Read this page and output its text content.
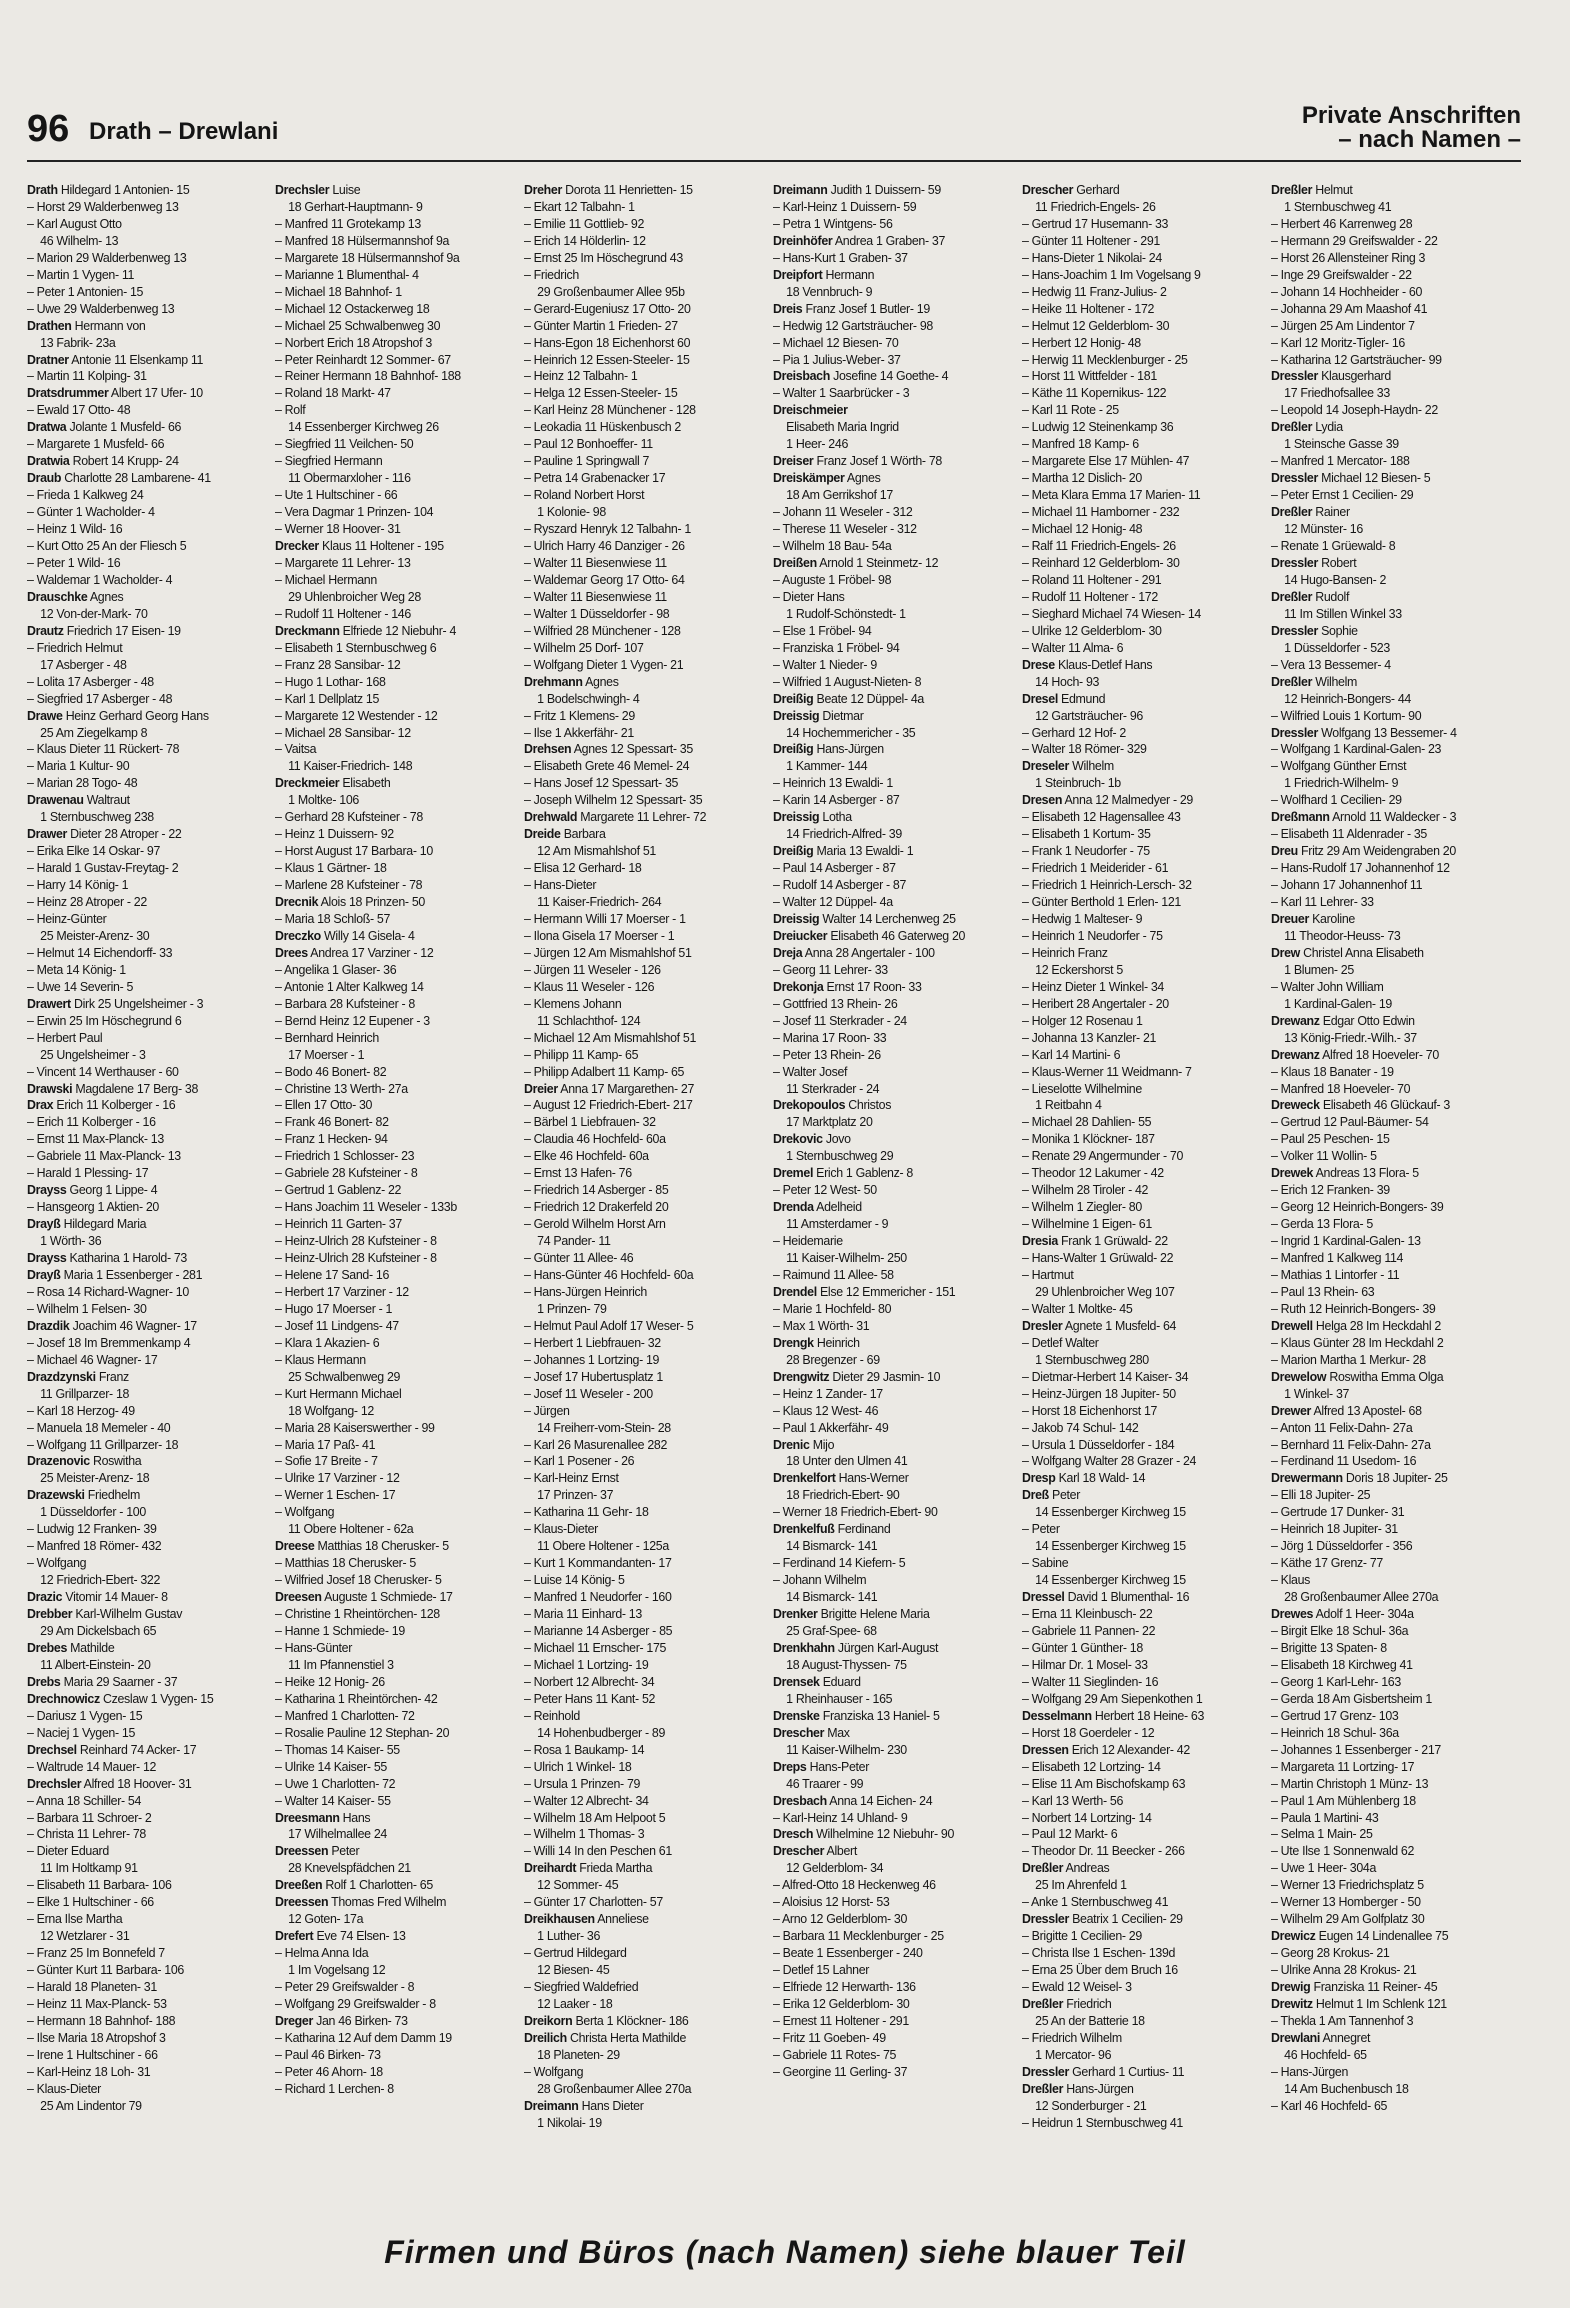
96 Drath – Drewlani
Private Anschriften
– nach Namen –
Drath Hildegard 1 Antonien- 15
– Horst 29 Walderbenweg 13
– Karl August Otto
46 Wilhelm- 13
– Marion 29 Walderbenweg 13
– Martin 1 Vygen- 11
– Peter 1 Antonien- 15
– Uwe 29 Walderbenweg 13
Drathen Hermann von
13 Fabrik- 23a
Dratner Antonie 11 Elsenkamp 11
– Martin 11 Kolping- 31
Dratsdrummer Albert 17 Ufer- 10
– Ewald 17 Otto- 48
Dratwa Jolante 1 Musfeld- 66
– Margarete 1 Musfeld- 66
Dratwia Robert 14 Krupp- 24
Draub Charlotte 28 Lambarene- 41
– Frieda 1 Kalkweg 24
– Günter 1 Wacholder- 4
– Heinz 1 Wild- 16
– Kurt Otto 25 An der Fliesch 5
– Peter 1 Wild- 16
– Waldemar 1 Wacholder- 4
Drauschke Agnes
12 Von-der-Mark- 70
Drautz Friedrich 17 Eisen- 19
– Friedrich Helmut
17 Asberger - 48
– Lolita 17 Asberger - 48
– Siegfried 17 Asberger - 48
Drawe Heinz Gerhard Georg Hans
25 Am Ziegelkamp 8
– Klaus Dieter 11 Rückert- 78
– Maria 1 Kultur- 90
– Marian 28 Togo- 48
Drawenau Waltraut
1 Sternbuschweg 238
Drawer Dieter 28 Atroper - 22
– Erika Elke 14 Oskar- 97
– Harald 1 Gustav-Freytag- 2
– Harry 14 König- 1
– Heinz 28 Atroper - 22
– Heinz-Günter
25 Meister-Arenz- 30
– Helmut 14 Eichendorff- 33
– Meta 14 König- 1
– Uwe 14 Severin- 5
Drawert Dirk 25 Ungelsheimer - 3
– Erwin 25 Im Höschegrund 6
– Herbert Paul
25 Ungelsheimer - 3
– Vincent 14 Werthauser - 60
Drawski Magdalene 17 Berg- 38
Drax Erich 11 Kolberger - 16
– Erich 11 Kolberger - 16
– Ernst 11 Max-Planck- 13
– Gabriele 11 Max-Planck- 13
– Harald 1 Plessing- 17
Drayss Georg 1 Lippe- 4
– Hansgeorg 1 Aktien- 20
Drayß Hildegard Maria
1 Wörth- 36
Drayss Katharina 1 Harold- 73
Drayß Maria 1 Essenberger - 281
– Rosa 14 Richard-Wagner- 10
– Wilhelm 1 Felsen- 30
Drazdik Joachim 46 Wagner- 17
– Josef 18 Im Bremmenkamp 4
– Michael 46 Wagner- 17
Drazdzynski Franz
11 Grillparzer- 18
– Karl 18 Herzog- 49
– Manuela 18 Memeler - 40
– Wolfgang 11 Grillparzer- 18
Drazenovic Roswitha
25 Meister-Arenz- 18
Drazewski Friedhelm
1 Düsseldorfer - 100
– Ludwig 12 Franken- 39
– Manfred 18 Römer- 432
– Wolfgang
12 Friedrich-Ebert- 322
Drazic Vitomir 14 Mauer- 8
Drebber Karl-Wilhelm Gustav
29 Am Dickelsbach 65
Drebes Mathilde
11 Albert-Einstein- 20
Drebs Maria 29 Saarner - 37
Drechnowicz Czeslaw 1 Vygen- 15
– Dariusz 1 Vygen- 15
– Naciej 1 Vygen- 15
Drechsel Reinhard 74 Acker- 17
– Waltrude 14 Mauer- 12
Drechsler Alfred 18 Hoover- 31
– Anna 18 Schiller- 54
– Barbara 11 Schroer- 2
– Christa 11 Lehrer- 78
– Dieter Eduard
11 Im Holtkamp 91
– Elisabeth 11 Barbara- 106
– Elke 1 Hultschiner - 66
– Erna Ilse Martha
12 Wetzlarer - 31
– Franz 25 Im Bonnefeld 7
– Günter Kurt 11 Barbara- 106
– Harald 18 Planeten- 31
– Heinz 11 Max-Planck- 53
– Hermann 18 Bahnhof- 188
– Ilse Maria 18 Atropshof 3
– Irene 1 Hultschiner - 66
– Karl-Heinz 18 Loh- 31
– Klaus-Dieter
25 Am Lindentor 79
Drechsler Luise
18 Gerhart-Hauptmann- 9
– Manfred 11 Grotekamp 13
– Manfred 18 Hülsermannshof 9a
– Margarete 18 Hülsermannshof 9a
– Marianne 1 Blumenthal- 4
– Michael 18 Bahnhof- 1
– Michael 12 Ostackerweg 18
– Michael 25 Schwalbenweg 30
– Norbert Erich 18 Atropshof 3
– Peter Reinhardt 12 Sommer- 67
– Reiner Hermann 18 Bahnhof- 188
– Roland 18 Markt- 47
– Rolf
14 Essenberger Kirchweg 26
– Siegfried 11 Veilchen- 50
– Siegfried Hermann
11 Obermarxloher - 116
– Ute 1 Hultschiner - 66
– Vera Dagmar 1 Prinzen- 104
– Werner 18 Hoover- 31
Drecker Klaus 11 Holtener - 195
– Margarete 11 Lehrer- 13
– Michael Hermann
29 Uhlenbroicher Weg 28
– Rudolf 11 Holtener - 146
Dreckmann Elfriede 12 Niebuhr- 4
– Elisabeth 1 Sternbuschweg 6
– Franz 28 Sansibar- 12
– Hugo 1 Lothar- 168
– Karl 1 Dellplatz 15
– Margarete 12 Westender - 12
– Michael 28 Sansibar- 12
– Vaitsa
11 Kaiser-Friedrich- 148
Dreckmeier Elisabeth
1 Moltke- 106
– Gerhard 28 Kufsteiner - 78
– Heinz 1 Duissern- 92
– Horst August 17 Barbara- 10
– Klaus 1 Gärtner- 18
– Marlene 28 Kufsteiner - 78
Drecnik Alois 18 Prinzen- 50
– Maria 18 Schloß- 57
Dreczko Willy 14 Gisela- 4
Drees Andrea 17 Varziner - 12
– Angelika 1 Glaser- 36
– Antonie 1 Alter Kalkweg 14
– Barbara 28 Kufsteiner - 8
– Bernd Heinz 12 Eupener - 3
– Bernhard Heinrich
17 Moerser - 1
– Bodo 46 Bonert- 82
– Christine 13 Werth- 27a
– Ellen 17 Otto- 30
– Frank 46 Bonert- 82
– Franz 1 Hecken- 94
– Friedrich 1 Schlosser- 23
– Gabriele 28 Kufsteiner - 8
– Gertrud 1 Gablenz- 22
– Hans Joachim 11 Weseler - 133b
– Heinrich 11 Garten- 37
– Heinz-Ulrich 28 Kufsteiner - 8
– Heinz-Ulrich 28 Kufsteiner - 8
– Helene 17 Sand- 16
– Herbert 17 Varziner - 12
– Hugo 17 Moerser - 1
– Josef 11 Lindgens- 47
– Klara 1 Akazien- 6
– Klaus Hermann
25 Schwalbenweg 29
– Kurt Hermann Michael
18 Wolfgang- 12
– Maria 28 Kaiserswerther - 99
– Maria 17 Paß- 41
– Sofie 17 Breite - 7
– Ulrike 17 Varziner - 12
– Werner 1 Eschen- 17
– Wolfgang
11 Obere Holtener - 62a
Dreese Matthias 18 Cherusker- 5
– Matthias 18 Cherusker- 5
– Wilfried Josef 18 Cherusker- 5
Dreesen Auguste 1 Schmiede- 17
– Christine 1 Rheintörchen- 128
– Hanne 1 Schmiede- 19
– Hans-Günter
11 Im Pfannenstiel 3
– Heike 12 Honig- 26
– Katharina 1 Rheintörchen- 42
– Manfred 1 Charlotten- 72
– Rosalie Pauline 12 Stephan- 20
– Thomas 14 Kaiser- 55
– Ulrike 14 Kaiser- 55
– Uwe 1 Charlotten- 72
– Walter 14 Kaiser- 55
Dreesmann Hans
17 Wilhelmallee 24
Dreessen Peter
28 Knevelspfädchen 21
Dreeßen Rolf 1 Charlotten- 65
Dreessen Thomas Fred Wilhelm
12 Goten- 17a
Drefert Eve 74 Elsen- 13
– Helma Anna Ida
1 Im Vogelsang 12
– Peter 29 Greifswalder - 8
– Wolfgang 29 Greifswalder - 8
Dreger Jan 46 Birken- 73
– Katharina 12 Auf dem Damm 19
– Paul 46 Birken- 73
– Peter 46 Ahorn- 18
– Richard 1 Lerchen- 8
Dreher Dorota 11 Henrietten- 15
– Ekart 12 Talbahn- 1
– Emilie 11 Gottlieb- 92
– Erich 14 Hölderlin- 12
– Ernst 25 Im Höschegrund 43
– Friedrich
29 Großenbaumer Allee 95b
– Gerard-Eugeniusz 17 Otto- 20
– Günter Martin 1 Frieden- 27
– Hans-Egon 18 Eichenhorst 60
– Heinrich 12 Essen-Steeler- 15
– Heinz 12 Talbahn- 1
– Helga 12 Essen-Steeler- 15
– Karl Heinz 28 Münchener - 128
– Leokadia 11 Hüskenbusch 2
– Paul 12 Bonhoeffer- 11
– Pauline 1 Springwall 7
– Petra 14 Grabenacker 17
– Roland Norbert Horst
1 Kolonie- 98
– Ryszard Henryk 12 Talbahn- 1
– Ulrich Harry 46 Danziger - 26
– Walter 11 Biesenwiese 11
– Waldemar Georg 17 Otto- 64
– Walter 11 Biesenwiese 11
– Walter 1 Düsseldorfer - 98
– Wilfried 28 Münchener - 128
– Wilhelm 25 Dorf- 107
– Wolfgang Dieter 1 Vygen- 21
Drehmann Agnes
1 Bodelschwingh- 4
– Fritz 1 Klemens- 29
– Ilse 1 Akkerfähr- 21
Drehsen Agnes 12 Spessart- 35
– Elisabeth Grete 46 Memel- 24
– Hans Josef 12 Spessart- 35
– Joseph Wilhelm 12 Spessart- 35
Drehwald Margarete 11 Lehrer- 72
Dreide Barbara
12 Am Mismahlshof 51
– Elisa 12 Gerhard- 18
– Hans-Dieter
11 Kaiser-Friedrich- 264
– Hermann Willi 17 Moerser - 1
– Ilona Gisela 17 Moerser - 1
– Jürgen 12 Am Mismahlshof 51
– Jürgen 11 Weseler - 126
– Klaus 11 Weseler - 126
– Klemens Johann
11 Schlachthof- 124
– Michael 12 Am Mismahlshof 51
– Philipp 11 Kamp- 65
– Philipp Adalbert 11 Kamp- 65
Dreier Anna 17 Margarethen- 27
– August 12 Friedrich-Ebert- 217
– Bärbel 1 Liebfrauen- 32
– Claudia 46 Hochfeld- 60a
– Elke 46 Hochfeld- 60a
– Ernst 13 Hafen- 76
– Friedrich 14 Asberger - 85
– Friedrich 12 Drakerfeld 20
– Gerold Wilhelm Horst Arn
74 Pander- 11
– Günter 11 Allee- 46
– Hans-Günter 46 Hochfeld- 60a
– Hans-Jürgen Heinrich
1 Prinzen- 79
– Helmut Paul Adolf 17 Weser- 5
– Herbert 1 Liebfrauen- 32
– Johannes 1 Lortzing- 19
– Josef 17 Hubertusplatz 1
– Josef 11 Weseler - 200
– Jürgen
14 Freiherr-vom-Stein- 28
– Karl 26 Masurenallee 282
– Karl 1 Posener - 26
– Karl-Heinz Ernst
17 Prinzen- 37
– Katharina 11 Gehr- 18
– Klaus-Dieter
11 Obere Holtener - 125a
– Kurt 1 Kommandanten- 17
– Luise 14 König- 5
– Manfred 1 Neudorfer - 160
– Maria 11 Einhard- 13
– Marianne 14 Asberger - 85
– Michael 11 Ernscher- 175
– Michael 1 Lortzing- 19
– Norbert 12 Albrecht- 34
– Peter Hans 11 Kant- 52
– Reinhold
14 Hohenbudberger - 89
– Rosa 1 Baukamp- 14
– Ulrich 1 Winkel- 18
– Ursula 1 Prinzen- 79
– Walter 12 Albrecht- 34
– Wilhelm 18 Am Helpoot 5
– Wilhelm 1 Thomas- 3
– Willi 14 In den Peschen 61
Dreihardt Frieda Martha
12 Sommer- 45
– Günter 17 Charlotten- 57
Dreikhausen Anneliese
1 Luther- 36
– Gertrud Hildegard
12 Biesen- 45
– Siegfried Waldefried
12 Laaker - 18
Dreikorn Berta 1 Klöckner- 186
Dreilich Christa Herta Mathilde
18 Planeten- 29
– Wolfgang
28 Großenbaumer Allee 270a
Dreimann Hans Dieter
1 Nikolai- 19
Dreimann Judith 1 Duissern- 59
– Karl-Heinz 1 Duissern- 59
– Petra 1 Wintgens- 56
Dreinhöfer Andrea 1 Graben- 37
– Hans-Kurt 1 Graben- 37
Dreipfort Hermann
18 Vennbruch- 9
Dreis Franz Josef 1 Butler- 19
– Hedwig 12 Gartsträucher- 98
– Michael 12 Biesen- 70
– Pia 1 Julius-Weber- 37
Dreisbach Josefine 14 Goethe- 4
– Walter 1 Saarbrücker - 3
Dreischmeier
Elisabeth Maria Ingrid
1 Heer- 246
Dreiser Franz Josef 1 Wörth- 78
Dreiskämper Agnes
18 Am Gerrikshof 17
– Johann 11 Weseler - 312
– Therese 11 Weseler - 312
– Wilhelm 18 Bau- 54a
Dreißen Arnold 1 Steinmetz- 12
– Auguste 1 Fröbel- 98
– Dieter Hans
1 Rudolf-Schönstedt- 1
– Else 1 Fröbel- 94
– Franziska 1 Fröbel- 94
– Walter 1 Nieder- 9
– Wilfried 1 August-Nieten- 8
Dreißig Beate 12 Düppel- 4a
Dreissig Dietmar
14 Hochemmericher - 35
Dreißig Hans-Jürgen
1 Kammer- 144
– Heinrich 13 Ewaldi- 1
– Karin 14 Asberger - 87
Dreissig Lotha
14 Friedrich-Alfred- 39
Dreißig Maria 13 Ewaldi- 1
– Paul 14 Asberger - 87
– Rudolf 14 Asberger - 87
– Walter 12 Düppel- 4a
Dreissig Walter 14 Lerchenweg 25
Dreiucker Elisabeth 46 Gaterweg 20
Dreja Anna 28 Angertaler - 100
– Georg 11 Lehrer- 33
Drekonja Ernst 17 Roon- 33
– Gottfried 13 Rhein- 26
– Josef 11 Sterkrader - 24
– Marina 17 Roon- 33
– Peter 13 Rhein- 26
– Walter Josef
11 Sterkrader - 24
Drekopoulos Christos
17 Marktplatz 20
Drekovic Jovo
1 Sternbuschweg 29
Dremel Erich 1 Gablenz- 8
– Peter 12 West- 50
Drenda Adelheid
11 Amsterdamer - 9
– Heidemarie
11 Kaiser-Wilhelm- 250
– Raimund 11 Allee- 58
Drendel Else 12 Emmericher - 151
– Marie 1 Hochfeld- 80
– Max 1 Wörth- 31
Drengk Heinrich
28 Bregenzer - 69
Drengwitz Dieter 29 Jasmin- 10
– Heinz 1 Zander- 17
– Klaus 12 West- 46
– Paul 1 Akkerfähr- 49
Drenic Mijo
18 Unter den Ulmen 41
Drenkelfort Hans-Werner
18 Friedrich-Ebert- 90
– Werner 18 Friedrich-Ebert- 90
Drenkelfuß Ferdinand
14 Bismarck- 141
– Ferdinand 14 Kiefern- 5
– Johann Wilhelm
14 Bismarck- 141
Drenker Brigitte Helene Maria
25 Graf-Spee- 68
Drenkhahn Jürgen Karl-August
18 August-Thyssen- 75
Drensek Eduard
1 Rheinhauser - 165
Drenske Franziska 13 Haniel- 5
Drescher Max
11 Kaiser-Wilhelm- 230
Dreps Hans-Peter
46 Traarer - 99
Dresbach Anna 14 Eichen- 24
– Karl-Heinz 14 Uhland- 9
Dresch Wilhelmine 12 Niebuhr- 90
Drescher Albert
12 Gelderblom- 34
– Alfred-Otto 18 Heckenweg 46
– Aloisius 12 Horst- 53
– Arno 12 Gelderblom- 30
– Barbara 11 Mecklenburger - 25
– Beate 1 Essenberger - 240
– Detlef 15 Lahner
– Elfriede 12 Herwarth- 136
– Erika 12 Gelderblom- 30
– Ernest 11 Holtener - 291
– Fritz 11 Goeben- 49
– Gabriele 11 Rotes- 75
– Georgine 11 Gerling- 37
Drescher Gerhard
11 Friedrich-Engels- 26
– Gertrud 17 Husemann- 33
– Günter 11 Holtener - 291
– Hans-Dieter 1 Nikolai- 24
– Hans-Joachim 1 Im Vogelsang 9
– Hedwig 11 Franz-Julius- 2
– Heike 11 Holtener - 172
– Helmut 12 Gelderblom- 30
– Herbert 12 Honig- 48
– Herwig 11 Mecklenburger - 25
– Horst 11 Wittfelder - 181
– Käthe 11 Kopernikus- 122
– Karl 11 Rote - 25
– Ludwig 12 Steinenkamp 36
– Manfred 18 Kamp- 6
– Margarete Else 17 Mühlen- 47
– Martha 12 Dislich- 20
– Meta Klara Emma 17 Marien- 11
– Michael 11 Hamborner - 232
– Michael 12 Honig- 48
– Ralf 11 Friedrich-Engels- 26
– Reinhard 12 Gelderblom- 30
– Roland 11 Holtener - 291
– Rudolf 11 Holtener - 172
– Sieghard Michael 74 Wiesen- 14
– Ulrike 12 Gelderblom- 30
– Walter 11 Alma- 6
Drese Klaus-Detlef Hans
14 Hoch- 93
Dresel Edmund
12 Gartsträucher- 96
– Gerhard 12 Hof- 2
– Walter 18 Römer- 329
Dreseler Wilhelm
1 Steinbruch- 1b
Dresen Anna 12 Malmedyer - 29
– Elisabeth 12 Hagensallee 43
– Elisabeth 1 Kortum- 35
– Frank 1 Neudorfer - 75
– Friedrich 1 Meiderider - 61
– Friedrich 1 Heinrich-Lersch- 32
– Günter Berthold 1 Erlen- 121
– Hedwig 1 Malteser- 9
– Heinrich 1 Neudorfer - 75
– Heinrich Franz
12 Eckershorst 5
– Heinz Dieter 1 Winkel- 34
– Heribert 28 Angertaler - 20
– Holger 12 Rosenau 1
– Johanna 13 Kanzler- 21
– Karl 14 Martini- 6
– Klaus-Werner 11 Weidmann- 7
– Lieselotte Wilhelmine
1 Reitbahn 4
– Michael 28 Dahlien- 55
– Monika 1 Klöckner- 187
– Renate 29 Angermunder - 70
– Theodor 12 Lakumer - 42
– Wilhelm 28 Tiroler - 42
– Wilhelm 1 Ziegler- 80
– Wilhelmine 1 Eigen- 61
Dresia Frank 1 Grüwald- 22
– Hans-Walter 1 Grüwald- 22
– Hartmut
29 Uhlenbroicher Weg 107
– Walter 1 Moltke- 45
Dresler Agnete 1 Musfeld- 64
– Detlef Walter
1 Sternbuschweg 280
– Dietmar-Herbert 14 Kaiser- 34
– Heinz-Jürgen 18 Jupiter- 50
– Horst 18 Eichenhorst 17
– Jakob 74 Schul- 142
– Ursula 1 Düsseldorfer - 184
– Wolfgang Walter 28 Grazer - 24
Dresp Karl 18 Wald- 14
Dreß Peter
14 Essenberger Kirchweg 15
– Peter
14 Essenberger Kirchweg 15
– Sabine
14 Essenberger Kirchweg 15
Dressel David 1 Blumenthal- 16
– Erna 11 Kleinbusch- 22
– Gabriele 11 Pannen- 22
– Günter 1 Günther- 18
– Hilmar Dr. 1 Mosel- 33
– Walter 11 Sieglinden- 16
– Wolfgang 29 Am Siepenkothen 1
Desselmann Herbert 18 Heine- 63
– Horst 18 Goerdeler - 12
Dressen Erich 12 Alexander- 42
– Elisabeth 12 Lortzing- 14
– Elise 11 Am Bischofskamp 63
– Karl 13 Werth- 56
– Norbert 14 Lortzing- 14
– Paul 12 Markt- 6
– Theodor Dr. 11 Beecker - 266
Dreßler Andreas
25 Im Ahrenfeld 1
– Anke 1 Sternbuschweg 41
Dressler Beatrix 1 Cecilien- 29
– Brigitte 1 Cecilien- 29
– Christa Ilse 1 Eschen- 139d
– Erna 25 Über dem Bruch 16
– Ewald 12 Weisel- 3
Dreßler Friedrich
25 An der Batterie 18
– Friedrich Wilhelm
1 Mercator- 96
Dressler Gerhard 1 Curtius- 11
Dreßler Hans-Jürgen
12 Sonderburger - 21
– Heidrun 1 Sternbuschweg 41
Dreßler Helmut
1 Sternbuschweg 41
– Herbert 46 Karrenweg 28
– Hermann 29 Greifswalder - 22
– Horst 26 Allensteiner Ring 3
– Inge 29 Greifswalder - 22
– Johann 14 Hochheider - 60
– Johanna 29 Am Maashof 41
– Jürgen 25 Am Lindentor 7
– Karl 12 Moritz-Tigler- 16
– Katharina 12 Gartsträucher- 99
Dressler Klausgerhard
17 Friedhofsallee 33
– Leopold 14 Joseph-Haydn- 22
Dreßler Lydia
1 Steinsche Gasse 39
– Manfred 1 Mercator- 188
Dressler Michael 12 Biesen- 5
– Peter Ernst 1 Cecilien- 29
Dreßler Rainer
12 Münster- 16
– Renate 1 Grüewald- 8
Dressler Robert
14 Hugo-Bansen- 2
Dreßler Rudolf
11 Im Stillen Winkel 33
Dressler Sophie
1 Düsseldorfer - 523
– Vera 13 Bessemer- 4
Dreßler Wilhelm
12 Heinrich-Bongers- 44
– Wilfried Louis 1 Kortum- 90
Dressler Wolfgang 13 Bessemer- 4
– Wolfgang 1 Kardinal-Galen- 23
– Wolfgang Günther Ernst
1 Friedrich-Wilhelm- 9
– Wolfhard 1 Cecilien- 29
Dreßmann Arnold 11 Waldecker - 3
– Elisabeth 11 Aldenrader - 35
Dreu Fritz 29 Am Weidengraben 20
– Hans-Rudolf 17 Johannenhof 12
– Johann 17 Johannenhof 11
– Karl 11 Lehrer- 33
Dreuer Karoline
11 Theodor-Heuss- 73
Drew Christel Anna Elisabeth
1 Blumen- 25
– Walter John William
1 Kardinal-Galen- 19
Drewanz Edgar Otto Edwin
13 König-Friedr.-Wilh.- 37
Drewanz Alfred 18 Hoeveler- 70
– Klaus 18 Banater - 19
– Manfred 18 Hoeveler- 70
Dreweck Elisabeth 46 Glückauf- 3
– Gertrud 12 Paul-Bäumer- 54
– Paul 25 Peschen- 15
– Volker 11 Wollin- 5
Drewek Andreas 13 Flora- 5
– Erich 12 Franken- 39
– Georg 12 Heinrich-Bongers- 39
– Gerda 13 Flora- 5
– Ingrid 1 Kardinal-Galen- 13
– Manfred 1 Kalkweg 114
– Mathias 1 Lintorfer - 11
– Paul 13 Rhein- 63
– Ruth 12 Heinrich-Bongers- 39
Drewell Helga 28 Im Heckdahl 2
– Klaus Günter 28 Im Heckdahl 2
– Marion Martha 1 Merkur- 28
Drewelow Roswitha Emma Olga
1 Winkel- 37
Drewer Alfred 13 Apostel- 68
– Anton 11 Felix-Dahn- 27a
– Bernhard 11 Felix-Dahn- 27a
– Ferdinand 11 Usedom- 16
Drewermann Doris 18 Jupiter- 25
– Elli 18 Jupiter- 25
– Gertrude 17 Dunker- 31
– Heinrich 18 Jupiter- 31
– Jörg 1 Düsseldorfer - 356
– Käthe 17 Grenz- 77
– Klaus
28 Großenbaumer Allee 270a
Drewes Adolf 1 Heer- 304a
– Birgit Elke 18 Schul- 36a
– Brigitte 13 Spaten- 8
– Elisabeth 18 Kirchweg 41
– Georg 1 Karl-Lehr- 163
– Gerda 18 Am Gisbertsheim 1
– Gertrud 17 Grenz- 103
– Heinrich 18 Schul- 36a
– Johannes 1 Essenberger - 217
– Margareta 11 Lortzing- 17
– Martin Christoph 1 Münz- 13
– Paul 1 Am Mühlenberg 18
– Paula 1 Martini- 43
– Selma 1 Main- 25
– Ute Ilse 1 Sonnenwald 62
– Uwe 1 Heer- 304a
– Werner 13 Friedrichsplatz 5
– Werner 13 Homberger - 50
– Wilhelm 29 Am Golfplatz 30
Drewicz Eugen 14 Lindenallee 75
– Georg 28 Krokus- 21
– Ulrike Anna 28 Krokus- 21
Drewig Franziska 11 Reiner- 45
Drewitz Helmut 1 Im Schlenk 121
– Thekla 1 Am Tannenhof 3
Drewlani Annegret
46 Hochfeld- 65
– Hans-Jürgen
14 Am Buchenbusch 18
– Karl 46 Hochfeld- 65
Firmen und Büros (nach Namen) siehe blauer Teil
